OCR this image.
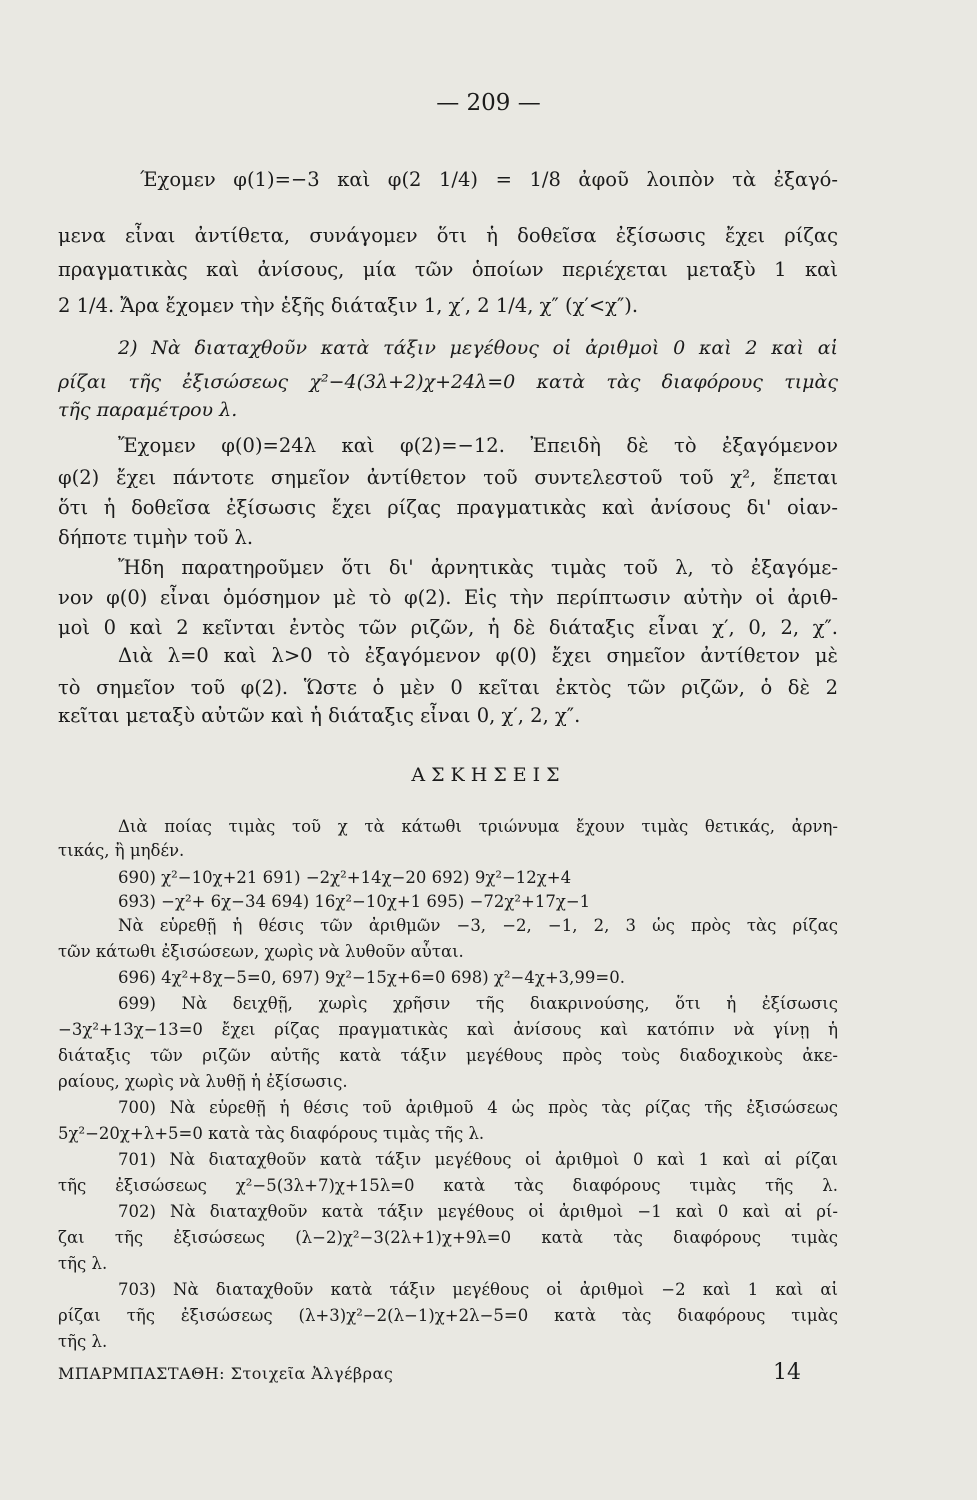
— 209 —
Έχομεν φ(1)=−3 καὶ φ(2 1/4) = 1/8 ἀφοῦ λοιπὸν τὰ ἐξαγό-
μενα εἶναι ἀντίθετα, συνάγομεν ὅτι ἡ δοθεῖσα ἐξίσωσις ἔχει ρίζας
πραγματικὰς καὶ ἀνίσους, μία τῶν ὁποίων περιέχεται μεταξὺ 1 καὶ
2 1/4. Ἄρα ἔχομεν τὴν ἑξῆς διάταξιν 1, χ′, 2 1/4, χ″ (χ′<χ″).
2) Νὰ διαταχθοῦν κατὰ τάξιν μεγέθους οἱ ἀριθμοὶ 0 καὶ 2 καὶ αἱ
ρίζαι τῆς ἐξισώσεως χ²−4(3λ+2)χ+24λ=0 κατὰ τὰς διαφόρους τιμὰς
τῆς παραμέτρου λ.
Ἔχομεν φ(0)=24λ καὶ φ(2)=−12. Ἐπειδὴ δὲ τὸ ἐξαγόμενον
φ(2) ἔχει πάντοτε σημεῖον ἀντίθετον τοῦ συντελεστοῦ τοῦ χ², ἕπεται
ὅτι ἡ δοθεῖσα ἐξίσωσις ἔχει ρίζας πραγματικὰς καὶ ἀνίσους δι' οἱαν-
δήποτε τιμὴν τοῦ λ.
Ἤδη παρατηροῦμεν ὅτι δι' ἀρνητικὰς τιμὰς τοῦ λ, τὸ ἐξαγόμε-
νον φ(0) εἶναι ὁμόσημον μὲ τὸ φ(2). Εἰς τὴν περίπτωσιν αὐτὴν οἱ ἀριθ-
μοὶ 0 καὶ 2 κεῖνται ἐντὸς τῶν ριζῶν, ἡ δὲ διάταξις εἶναι χ′, 0, 2, χ″.
Διὰ λ=0 καὶ λ>0 τὸ ἐξαγόμενον φ(0) ἔχει σημεῖον ἀντίθετον μὲ
τὸ σημεῖον τοῦ φ(2). Ὥστε ὁ μὲν 0 κεῖται ἐκτὸς τῶν ριζῶν, ὁ δὲ 2
κεῖται μεταξὺ αὐτῶν καὶ ἡ διάταξις εἶναι 0, χ′, 2, χ″.
ΑΣΚΗΣΕΙΣ
Διὰ ποίας τιμὰς τοῦ χ τὰ κάτωθι τριώνυμα ἔχουν τιμὰς θετικάς, ἀρνη-
τικάς, ἢ μηδέν.
690) χ²−10χ+21 691) −2χ²+14χ−20 692) 9χ²−12χ+4
693) −χ²+ 6χ−34 694) 16χ²−10χ+1 695) −72χ²+17χ−1
Νὰ εὑρεθῇ ἡ θέσις τῶν ἀριθμῶν −3, −2, −1, 2, 3 ὡς πρὸς τὰς ρίζας
τῶν κάτωθι ἐξισώσεων, χωρὶς νὰ λυθοῦν αὗται.
696) 4χ²+8χ−5=0, 697) 9χ²−15χ+6=0 698) χ²−4χ+3,99=0.
699) Νὰ δειχθῇ, χωρὶς χρῆσιν τῆς διακρινούσης, ὅτι ἡ ἐξίσωσις
−3χ²+13χ−13=0 ἔχει ρίζας πραγματικὰς καὶ ἀνίσους καὶ κατόπιν νὰ γίνῃ ἡ
διάταξις τῶν ριζῶν αὐτῆς κατὰ τάξιν μεγέθους πρὸς τοὺς διαδοχικοὺς ἀκε-
ραίους, χωρὶς νὰ λυθῇ ἡ ἐξίσωσις.
700) Νὰ εὑρεθῇ ἡ θέσις τοῦ ἀριθμοῦ 4 ὡς πρὸς τὰς ρίζας τῆς ἐξισώσεως
5χ²−20χ+λ+5=0 κατὰ τὰς διαφόρους τιμὰς τῆς λ.
701) Νὰ διαταχθοῦν κατὰ τάξιν μεγέθους οἱ ἀριθμοὶ 0 καὶ 1 καὶ αἱ ρίζαι
τῆς ἐξισώσεως χ²−5(3λ+7)χ+15λ=0 κατὰ τὰς διαφόρους τιμὰς τῆς λ.
702) Νὰ διαταχθοῦν κατὰ τάξιν μεγέθους οἱ ἀριθμοὶ −1 καὶ 0 καὶ αἱ ρί-
ζαι τῆς ἐξισώσεως (λ−2)χ²−3(2λ+1)χ+9λ=0 κατὰ τὰς διαφόρους τιμὰς
τῆς λ.
703) Νὰ διαταχθοῦν κατὰ τάξιν μεγέθους οἱ ἀριθμοὶ −2 καὶ 1 καὶ αἱ
ρίζαι τῆς ἐξισώσεως (λ+3)χ²−2(λ−1)χ+2λ−5=0 κατὰ τὰς διαφόρους τιμὰς
τῆς λ.
ΜΠΑΡΜΠΑΣΤΑΘΗ: Στοιχεῖα Ἀλγέβρας	14
